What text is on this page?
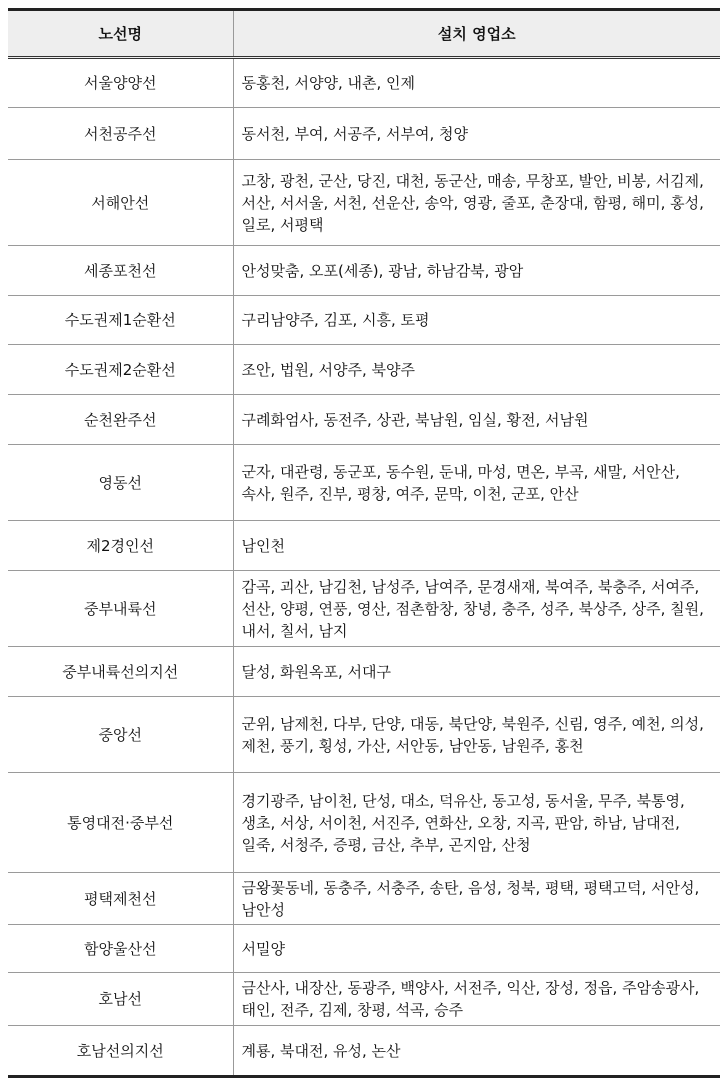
노선명	설치 영업소
서울양양선	동홍천, 서양양, 내촌, 인제
서천공주선	동서천, 부여, 서공주, 서부여, 청양
서해안선	고창, 광천, 군산, 당진, 대천, 동군산, 매송, 무창포, 발안, 비봉, 서김제, 서산, 서서울, 서천, 선운산, 송악, 영광, 줄포, 춘장대, 함평, 해미, 홍성, 일로, 서평택
세종포천선	안성맞춤, 오포(세종), 광남, 하남감북, 광암
수도권제1순환선	구리남양주, 김포, 시흥, 토평
수도권제2순환선	조안, 법원, 서양주, 북양주
순천완주선	구례화엄사, 동전주, 상관, 북남원, 임실, 황전, 서남원
영동선	군자, 대관령, 동군포, 동수원, 둔내, 마성, 면온, 부곡, 새말, 서안산, 속사, 원주, 진부, 평창, 여주, 문막, 이천, 군포, 안산
제2경인선	남인천
중부내륙선	감곡, 괴산, 남김천, 남성주, 남여주, 문경새재, 북여주, 북충주, 서여주, 선산, 양평, 연풍, 영산, 점촌함창, 창녕, 충주, 성주, 북상주, 상주, 칠원, 내서, 칠서, 남지
중부내륙선의지선	달성, 화원옥포, 서대구
중앙선	군위, 남제천, 다부, 단양, 대동, 북단양, 북원주, 신림, 영주, 예천, 의성, 제천, 풍기, 횡성, 가산, 서안동, 남안동, 남원주, 홍천
통영대전·중부선	경기광주, 남이천, 단성, 대소, 덕유산, 동고성, 동서울, 무주, 북통영, 생초, 서상, 서이천, 서진주, 연화산, 오창, 지곡, 판암, 하남, 남대전, 일죽, 서청주, 증평, 금산, 추부, 곤지암, 산청
평택제천선	금왕꽃동네, 동충주, 서충주, 송탄, 음성, 청북, 평택, 평택고덕, 서안성, 남안성
함양울산선	서밀양
호남선	금산사, 내장산, 동광주, 백양사, 서전주, 익산, 장성, 정읍, 주암송광사, 태인, 전주, 김제, 창평, 석곡, 승주
호남선의지선	계룡, 북대전, 유성, 논산
